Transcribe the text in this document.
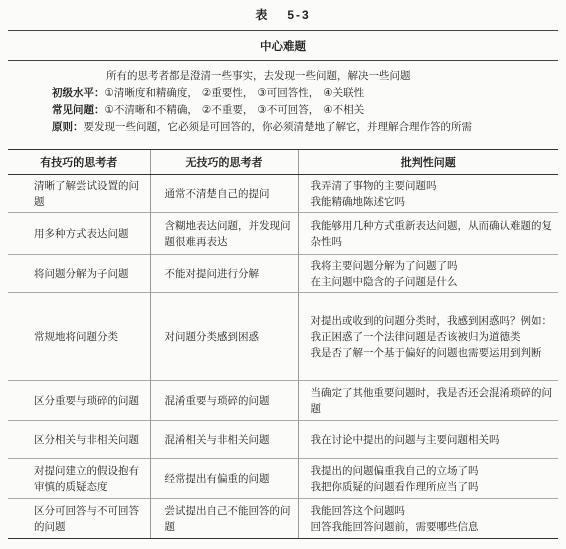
表 5-3
中心难题
所有的思考者都是澄清一些事实，去发现一些问题，解决一些问题
初级水平：①清晰度和精确度， ②重要性， ③可回答性， ④关联性
常见问题：①不清晰和不精确， ②不重要， ③不可回答， ④不相关
原则：要发现一些问题，它必须是可回答的，你必须清楚地了解它，并理解合理作答的所需
有技巧的思考者	无技巧的思考者	批判性问题
清晰了解尝试设置的问题	通常不清楚自己的提问	我弄清了事物的主要问题吗
我能精确地陈述它吗
用多种方式表达问题	含糊地表达问题，并发现问题很难再表达	我能够用几种方式重新表达问题，从而确认难题的复杂性吗
将问题分解为子问题	不能对提问进行分解	我将主要问题分解为了问题了吗
在主问题中隐含的子问题是什么
常规地将问题分类	对问题分类感到困惑	对提出或收到的问题分类时，我感到困惑吗？例如：我正困惑了一个法律问题是否该被归为道德类
我是否了解一个基于偏好的问题也需要运用到判断
区分重要与琐碎的问题	混淆重要与琐碎的问题	当确定了其他重要问题时，我是否还会混淆琐碎的问题
区分相关与非相关问题	混淆相关与非相关问题	我在讨论中提出的问题与主要问题相关吗
对提问建立的假设抱有审慎的质疑态度	经常提出有偏重的问题	我提出的问题偏重我自己的立场了吗
我把你质疑的问题看作理所应当了吗
区分可回答与不可回答的问题	尝试提出自己不能回答的问题	我能回答这个问题吗
回答我能回答问题前，需要哪些信息
